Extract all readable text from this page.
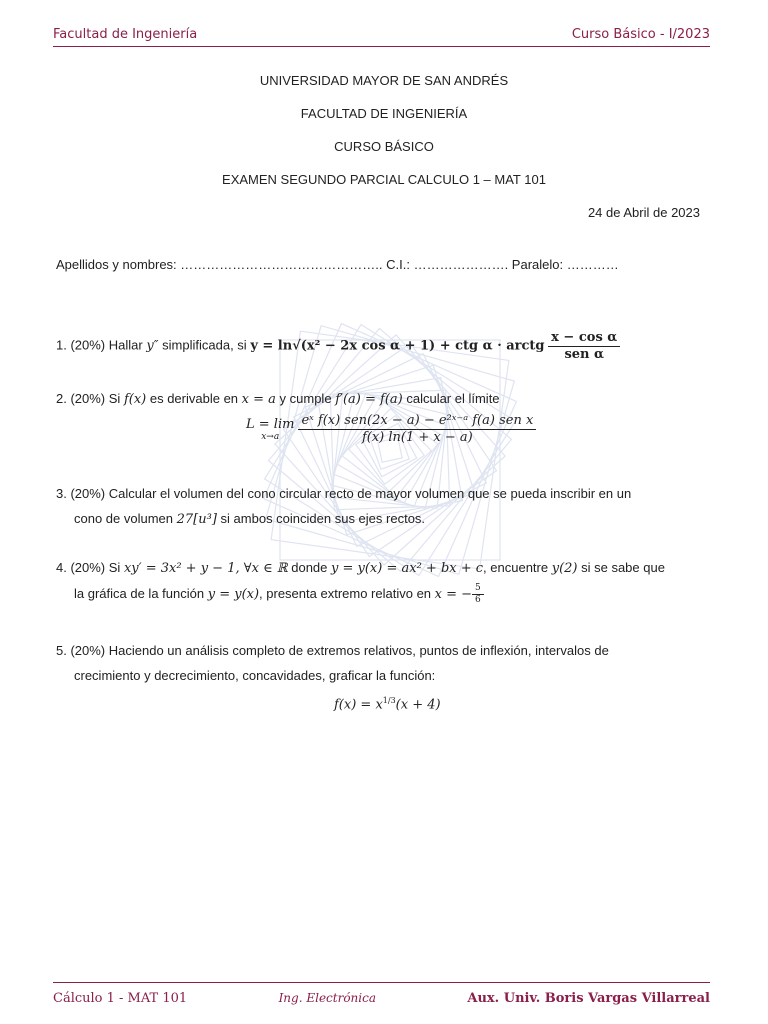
Facultad de Ingeniería	Curso Básico - I/2023
UNIVERSIDAD MAYOR DE SAN ANDRÉS
FACULTAD DE INGENIERÍA
CURSO BÁSICO
EXAMEN SEGUNDO PARCIAL CALCULO 1 – MAT 101
24 de Abril de 2023
Apellidos y nombres: ……………………………………….. C.I.: …………………. Paralelo: …………
1. (20%) Hallar y″ simplificada, si y = ln√(x² − 2x cos α + 1) + ctg α · arctg $\frac{\text{x − cos α}}{\text{sen α}}$
2. (20%) Si f(x) es derivable en x = a y cumple f′(a) = f(a) calcular el límite
L = lim
$x\to a \frac{\text{eˣ f(x) sen(2x − a) − e²ˣ⁻ᵃ f(a) sen x}}{f(x) \ln(1 + x - a)}$
3. (20%) Calcular el volumen del cono circular recto de mayor volumen que se pueda inscribir en un
cono de volumen 27[u³] si ambos coinciden sus ejes rectos.
4. (20%) Si xy′ = 3x² + y − 1, ∀x ∈ ℝ donde y = y(x) = ax² + bx + c, encuentre y(2) si se sabe que
la gráfica de la función y = y(x), presenta extremo relativo en x = − $\frac{5}{6}$
5. (20%) Haciendo un análisis completo de extremos relativos, puntos de inflexión, intervalos de
crecimiento y decrecimiento, concavidades, graficar la función:
$f(x) = x^{1/3}(x + 4)$
Cálculo 1 - MAT 101	Ing. Electrónica	Aux. Univ. Boris Vargas Villarreal
